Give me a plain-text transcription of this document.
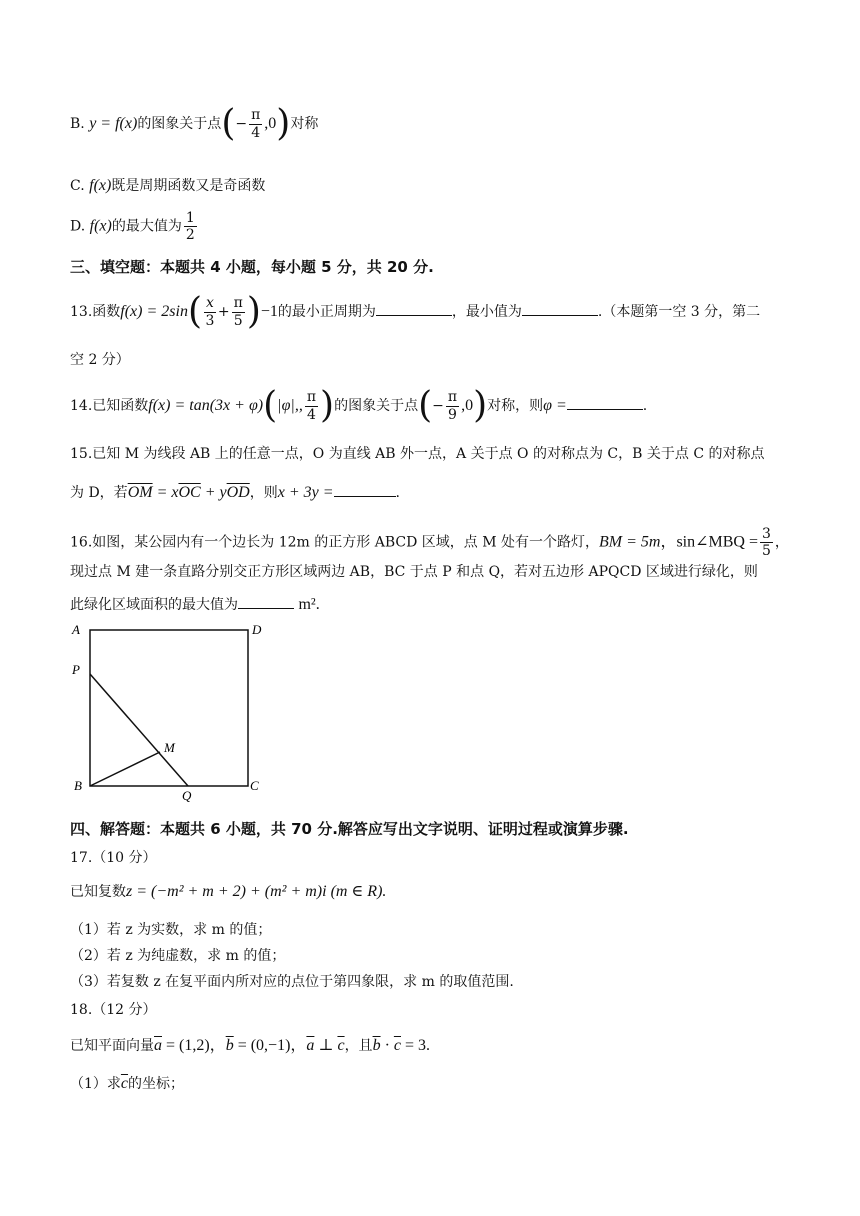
B. y = f(x)的图象关于点(− $\frac{\pi}{4} ,0$)对称
C. f(x)既是周期函数又是奇函数
D. f(x)的最大值为 $\frac{1}{2}$
三、填空题：本题共 4 小题，每小题 5 分，共 20 分.
13.函数$f(x) = 2\sin( \frac{x}{3} + \frac{\pi}{5} )-1$的最小正周期为	，最小值为	.（本题第一空 3 分，第二
空 2 分）
14.已知函数f(x) = tan(3x + φ)(|φ|,, $\frac{\pi}{4}$ )的图象关于点(− $\frac{\pi}{9} ,0$)对称，则φ =	.
15.已知 M 为线段 AB 上的任意一点，O 为直线 AB 外一点，A 关于点 O 的对称点为 C，B 关于点 C 的对称点
为 D，若$\overline{OM} = x\overline{OC} + y\overline{OD}$，则x + 3y =	.
16.如图，某公园内有一个边长为 12m 的正方形 ABCD 区域，点 M 处有一个路灯，BM = 5m，sin∠MBQ = $\frac{3}{5}$ ，
现过点 M 建一条直路分别交正方形区域两边 AB，BC 于点 P 和点 Q，若对五边形 APQCD 区域进行绿化，则
此绿化区域面积的最大值为	m².
A	D
P
M
B	C
Q
四、解答题：本题共 6 小题，共 70 分.解答应写出文字说明、证明过程或演算步骤.
17.（10 分）
已知复数z = (−m² + m + 2) + (m² + m)i (m ∈ R).
（1）若 z 为实数，求 m 的值；
（2）若 z 为纯虚数，求 m 的值；
（3）若复数 z 在复平面内所对应的点位于第四象限，求 m 的取值范围.
18.（12 分）
已知平面向量$\overline{a} = (1,2)$，$\overline{b} = (0,-1)$，$\overline{a}$ ⊥ $\overline{c}$，且$\overline{b} \cdot \overline{c} = 3$.
（1）求$\overline{c}$的坐标；
